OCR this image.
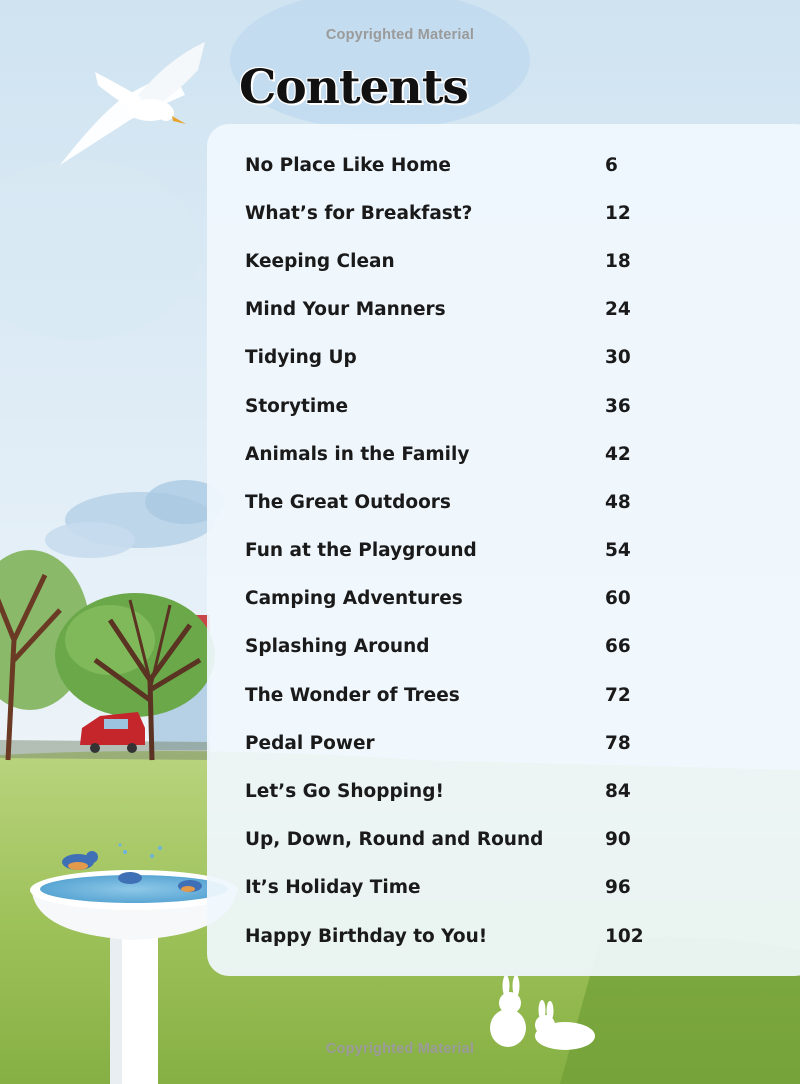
Copyrighted Material
Contents
No Place Like Home	6
What’s for Breakfast?	12
Keeping Clean	18
Mind Your Manners	24
Tidying Up	30
Storytime	36
Animals in the Family	42
The Great Outdoors	48
Fun at the Playground	54
Camping Adventures	60
Splashing Around	66
The Wonder of Trees	72
Pedal Power	78
Let’s Go Shopping!	84
Up, Down, Round and Round	90
It’s Holiday Time	96
Happy Birthday to You!	102
Copyrighted Material
